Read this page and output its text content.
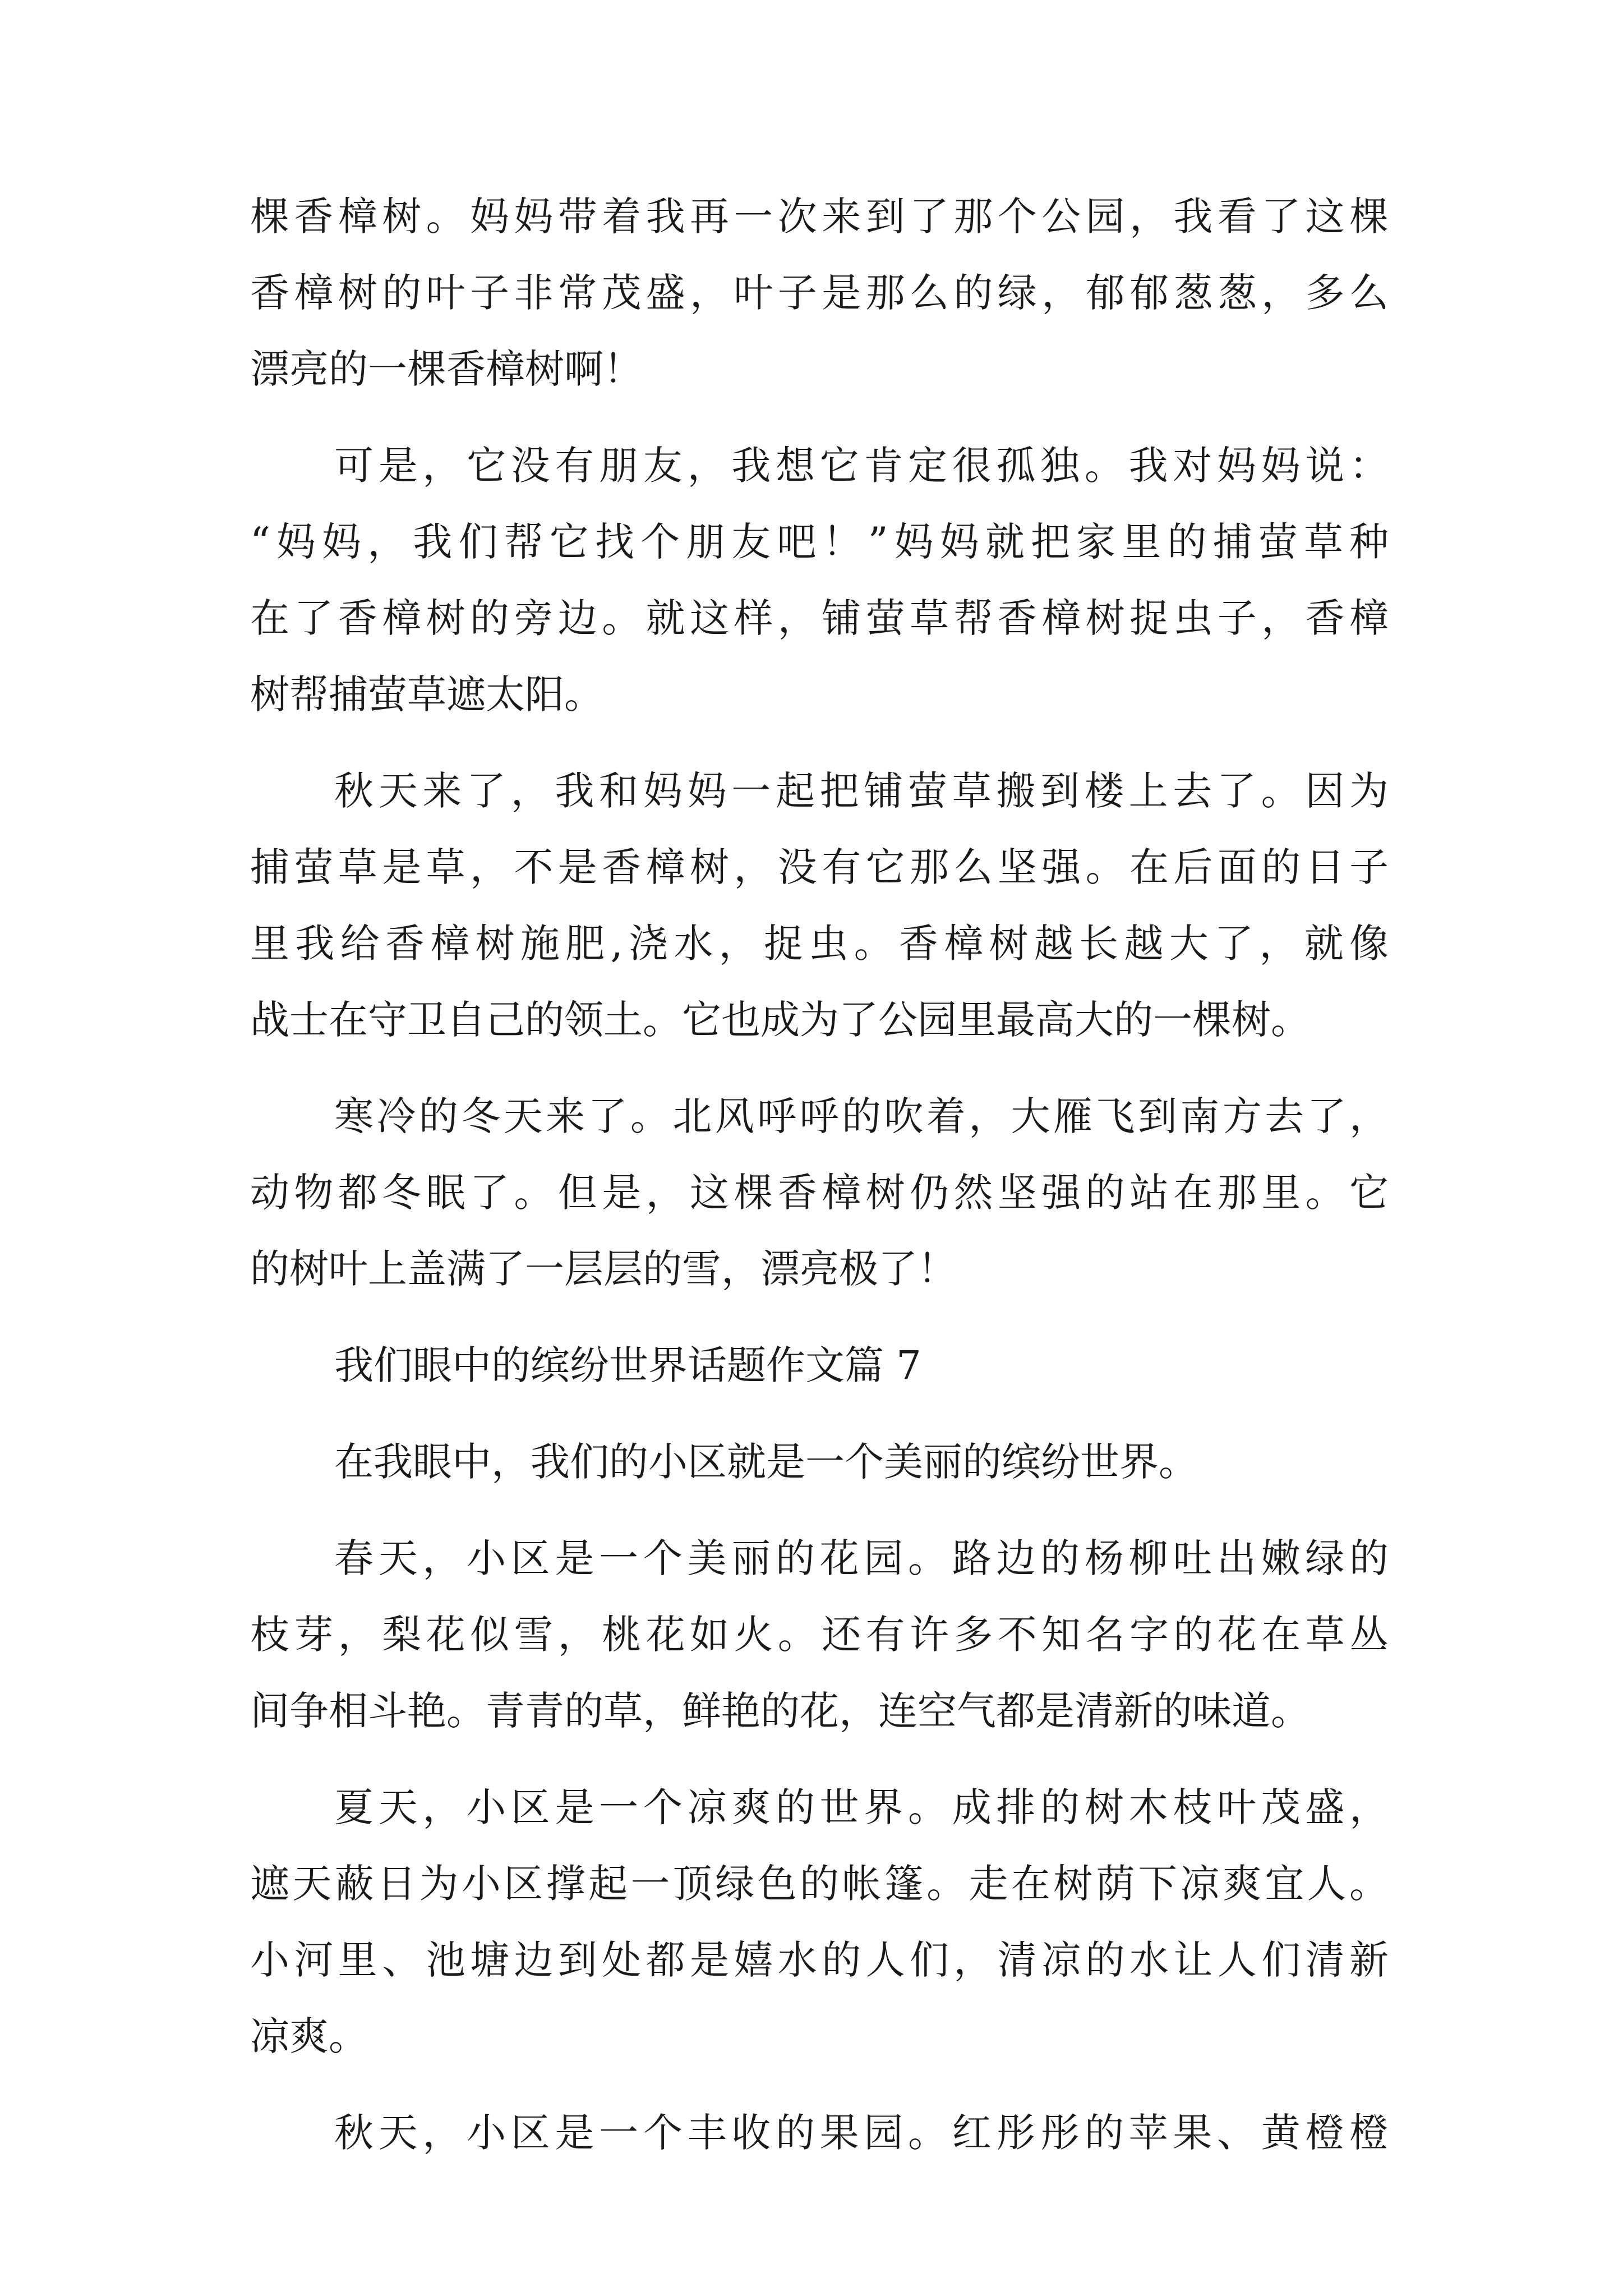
棵香樟树。妈妈带着我再一次来到了那个公园，我看了这棵
香樟树的叶子非常茂盛，叶子是那么的绿，郁郁葱葱，多么
漂亮的一棵香樟树啊！
可是，它没有朋友，我想它肯定很孤独。我对妈妈说：
“妈妈，我们帮它找个朋友吧！”妈妈就把家里的捕萤草种
在了香樟树的旁边。就这样，铺萤草帮香樟树捉虫子，香樟
树帮捕萤草遮太阳。
秋天来了，我和妈妈一起把铺萤草搬到楼上去了。因为
捕萤草是草，不是香樟树，没有它那么坚强。在后面的日子
里我给香樟树施肥,浇水，捉虫。香樟树越长越大了，就像
战士在守卫自己的领土。它也成为了公园里最高大的一棵树。
寒冷的冬天来了。北风呼呼的吹着，大雁飞到南方去了，
动物都冬眠了。但是，这棵香樟树仍然坚强的站在那里。它
的树叶上盖满了一层层的雪，漂亮极了！
我们眼中的缤纷世界话题作文篇 7
在我眼中，我们的小区就是一个美丽的缤纷世界。
春天，小区是一个美丽的花园。路边的杨柳吐出嫩绿的
枝芽，梨花似雪，桃花如火。还有许多不知名字的花在草丛
间争相斗艳。青青的草，鲜艳的花，连空气都是清新的味道。
夏天，小区是一个凉爽的世界。成排的树木枝叶茂盛，
遮天蔽日为小区撑起一顶绿色的帐篷。走在树荫下凉爽宜人。
小河里、池塘边到处都是嬉水的人们，清凉的水让人们清新
凉爽。
秋天，小区是一个丰收的果园。红彤彤的苹果、黄橙橙
